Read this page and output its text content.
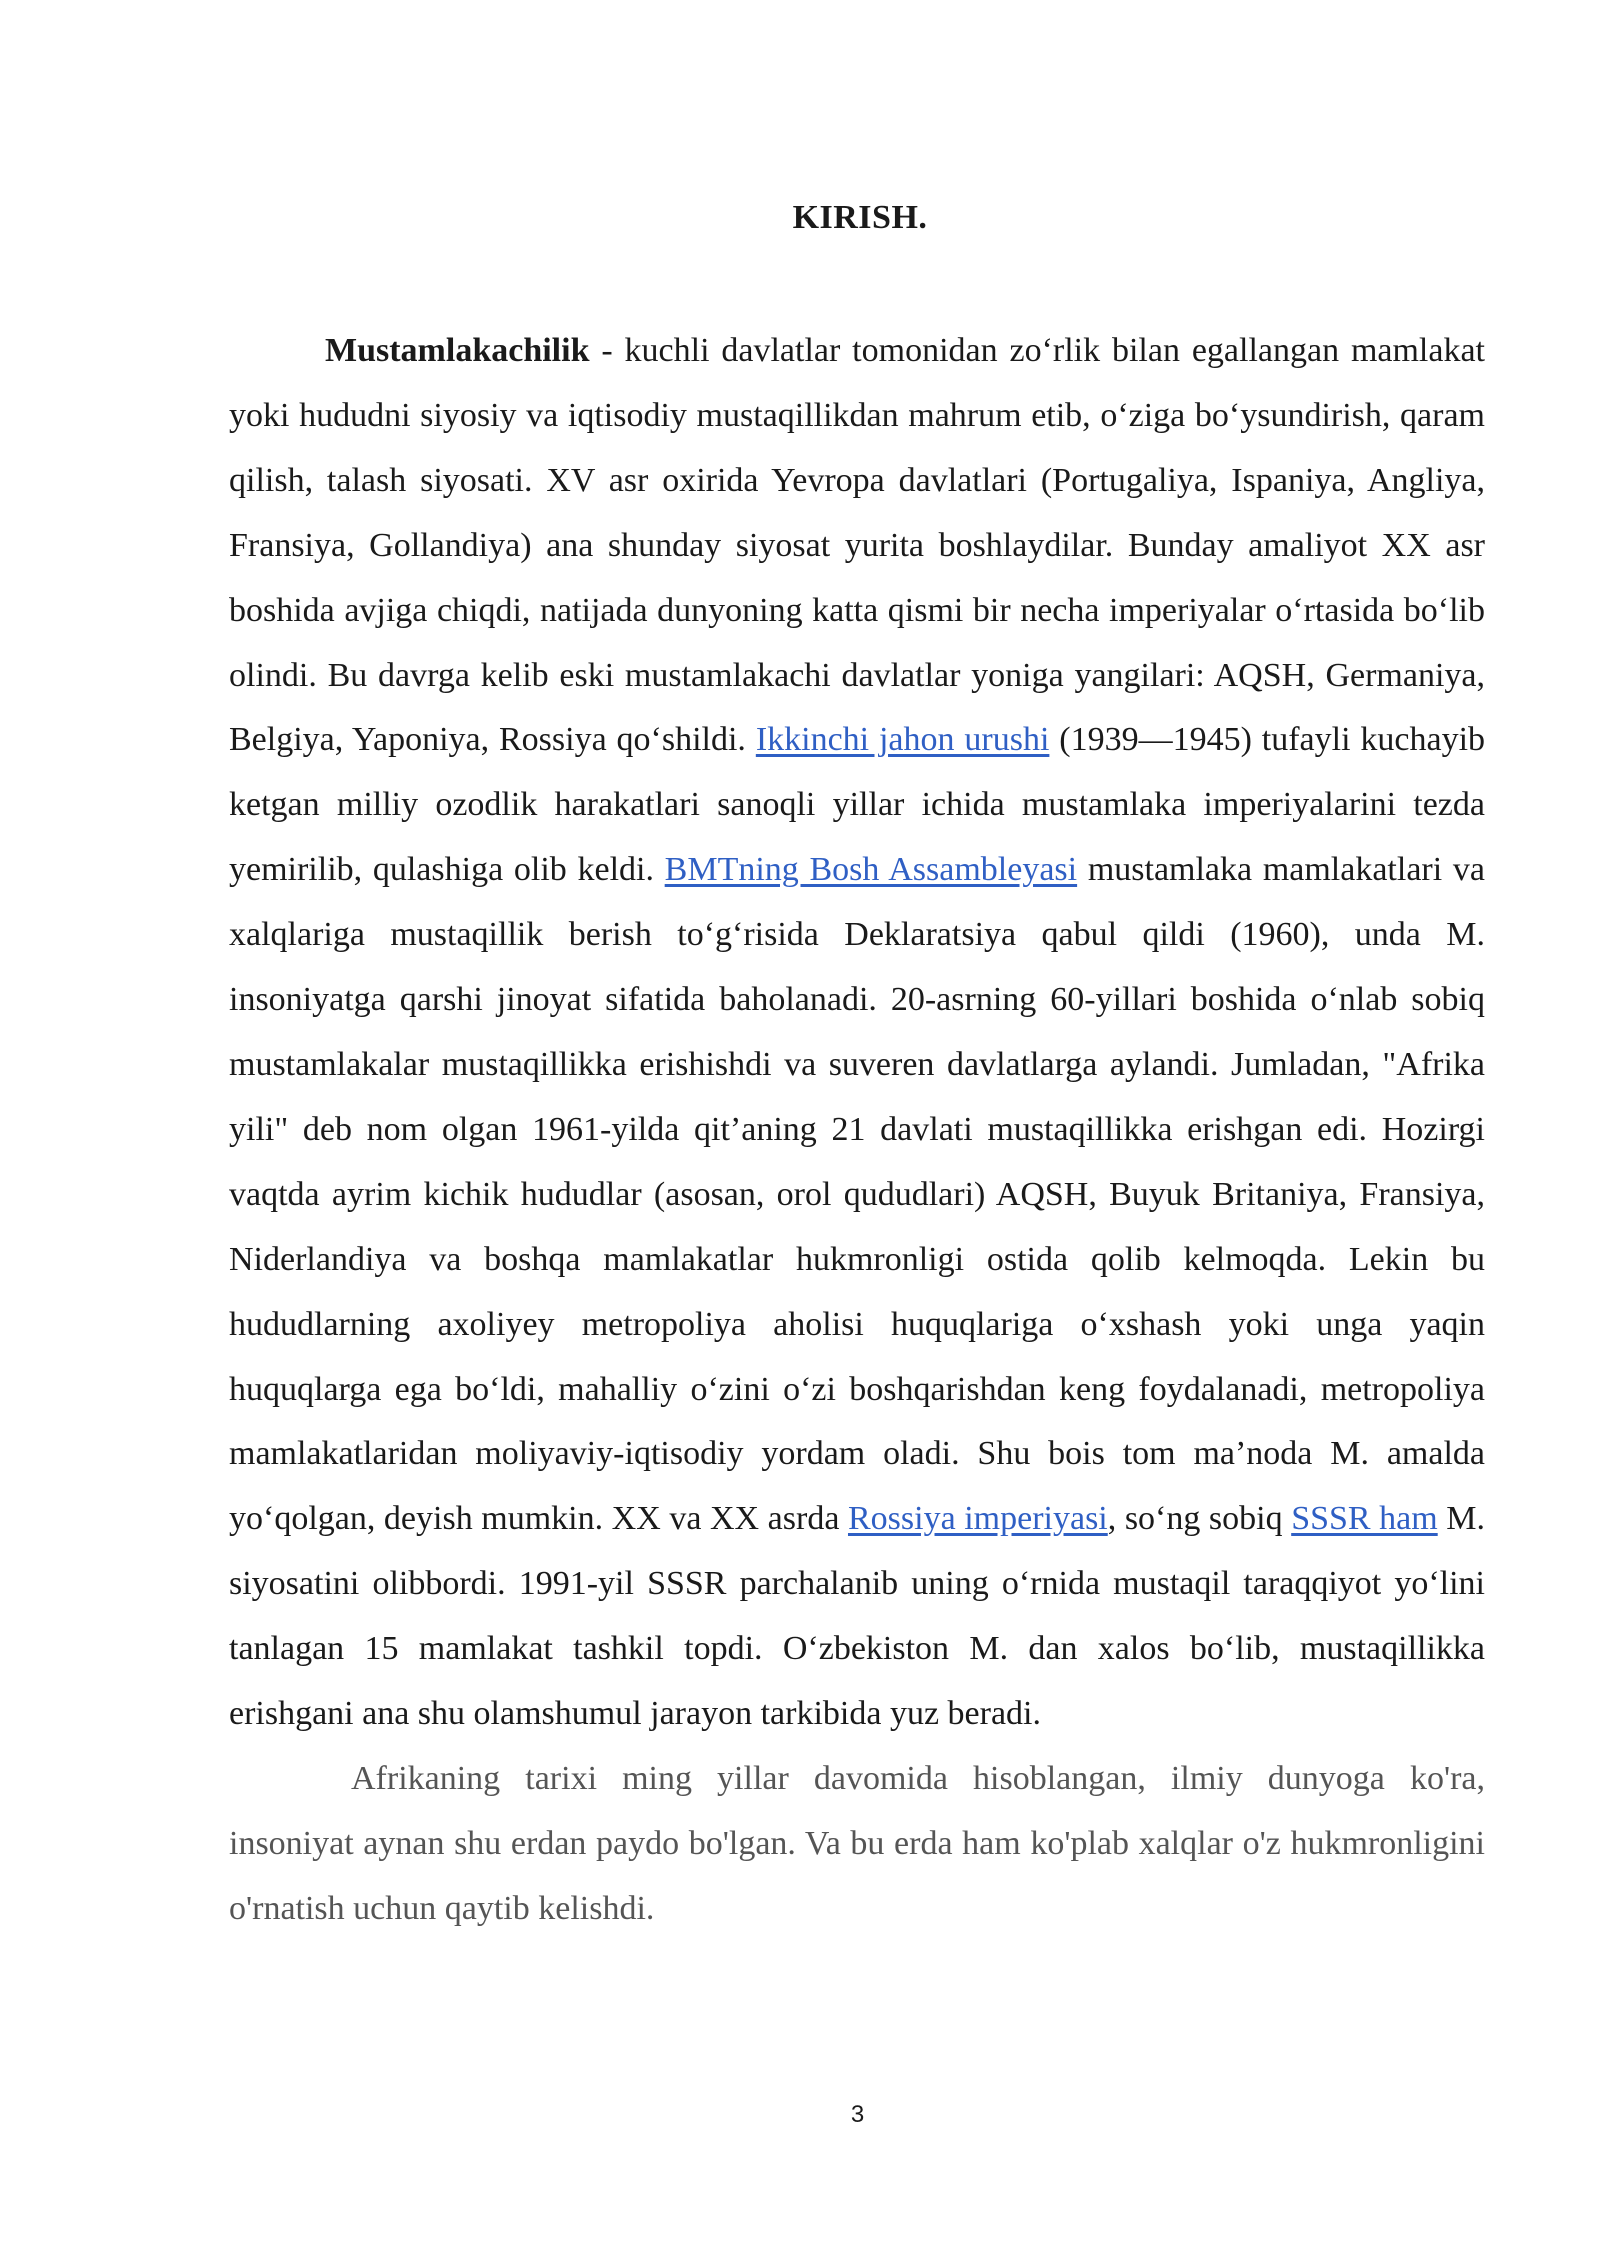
KIRISH.

Mustamlakachilik - kuchli davlatlar tomonidan zo‘rlik bilan egallangan mamlakat yoki hududni siyosiy va iqtisodiy mustaqillikdan mahrum etib, o‘ziga bo‘ysundirish, qaram qilish, talash siyosati. XV asr oxirida Yevropa davlatlari (Portugaliya, Ispaniya, Angliya, Fransiya, Gollandiya) ana shunday siyosat yurita boshlaydilar. Bunday amaliyot XX asr boshida avjiga chiqdi, natijada dunyoning katta qismi bir necha imperiyalar o‘rtasida bo‘lib olindi. Bu davrga kelib eski mustamlakachi davlatlar yoniga yangilari: AQSH, Germaniya, Belgiya, Yaponiya, Rossiya qo‘shildi. Ikkinchi jahon urushi (1939—1945) tufayli kuchayib ketgan milliy ozodlik harakatlari sanoqli yillar ichida mustamlaka imperiyalarini tezda yemirilib, qulashiga olib keldi. BMTning Bosh Assambleyasi mustamlaka mamlakatlari va xalqlariga mustaqillik berish to‘g‘risida Deklaratsiya qabul qildi (1960), unda M. insoniyatga qarshi jinoyat sifatida baholanadi. 20-asrning 60-yillari boshida o‘nlab sobiq mustamlakalar mustaqillikka erishishdi va suveren davlatlarga aylandi. Jumladan, "Afrika yili" deb nom olgan 1961-yilda qit’aning 21 davlati mustaqillikka erishgan edi. Hozirgi vaqtda ayrim kichik hududlar (asosan, orol qududlari) AQSH, Buyuk Britaniya, Fransiya, Niderlandiya va boshqa mamlakatlar hukmronligi ostida qolib kelmoqda. Lekin bu hududlarning axoliyey metropoliya aholisi huquqlariga o‘xshash yoki unga yaqin huquqlarga ega bo‘ldi, mahalliy o‘zini o‘zi boshqarishdan keng foydalanadi, metropoliya mamlakatlaridan moliyaviy-iqtisodiy yordam oladi. Shu bois tom ma’noda M. amalda yo‘qolgan, deyish mumkin. XX va XX asrda Rossiya imperiyasi, so‘ng sobiq SSSR ham M. siyosatini olibbordi. 1991-yil SSSR parchalanib uning o‘rnida mustaqil taraqqiyot yo‘lini tanlagan 15 mamlakat tashkil topdi. O‘zbekiston M. dan xalos bo‘lib, mustaqillikka erishgani ana shu olamshumul jarayon tarkibida yuz beradi.

Afrikaning tarixi ming yillar davomida hisoblangan, ilmiy dunyoga ko'ra, insoniyat aynan shu erdan paydo bo'lgan. Va bu erda ham ko'plab xalqlar o'z hukmronligini o'rnatish uchun qaytib kelishdi.

3
